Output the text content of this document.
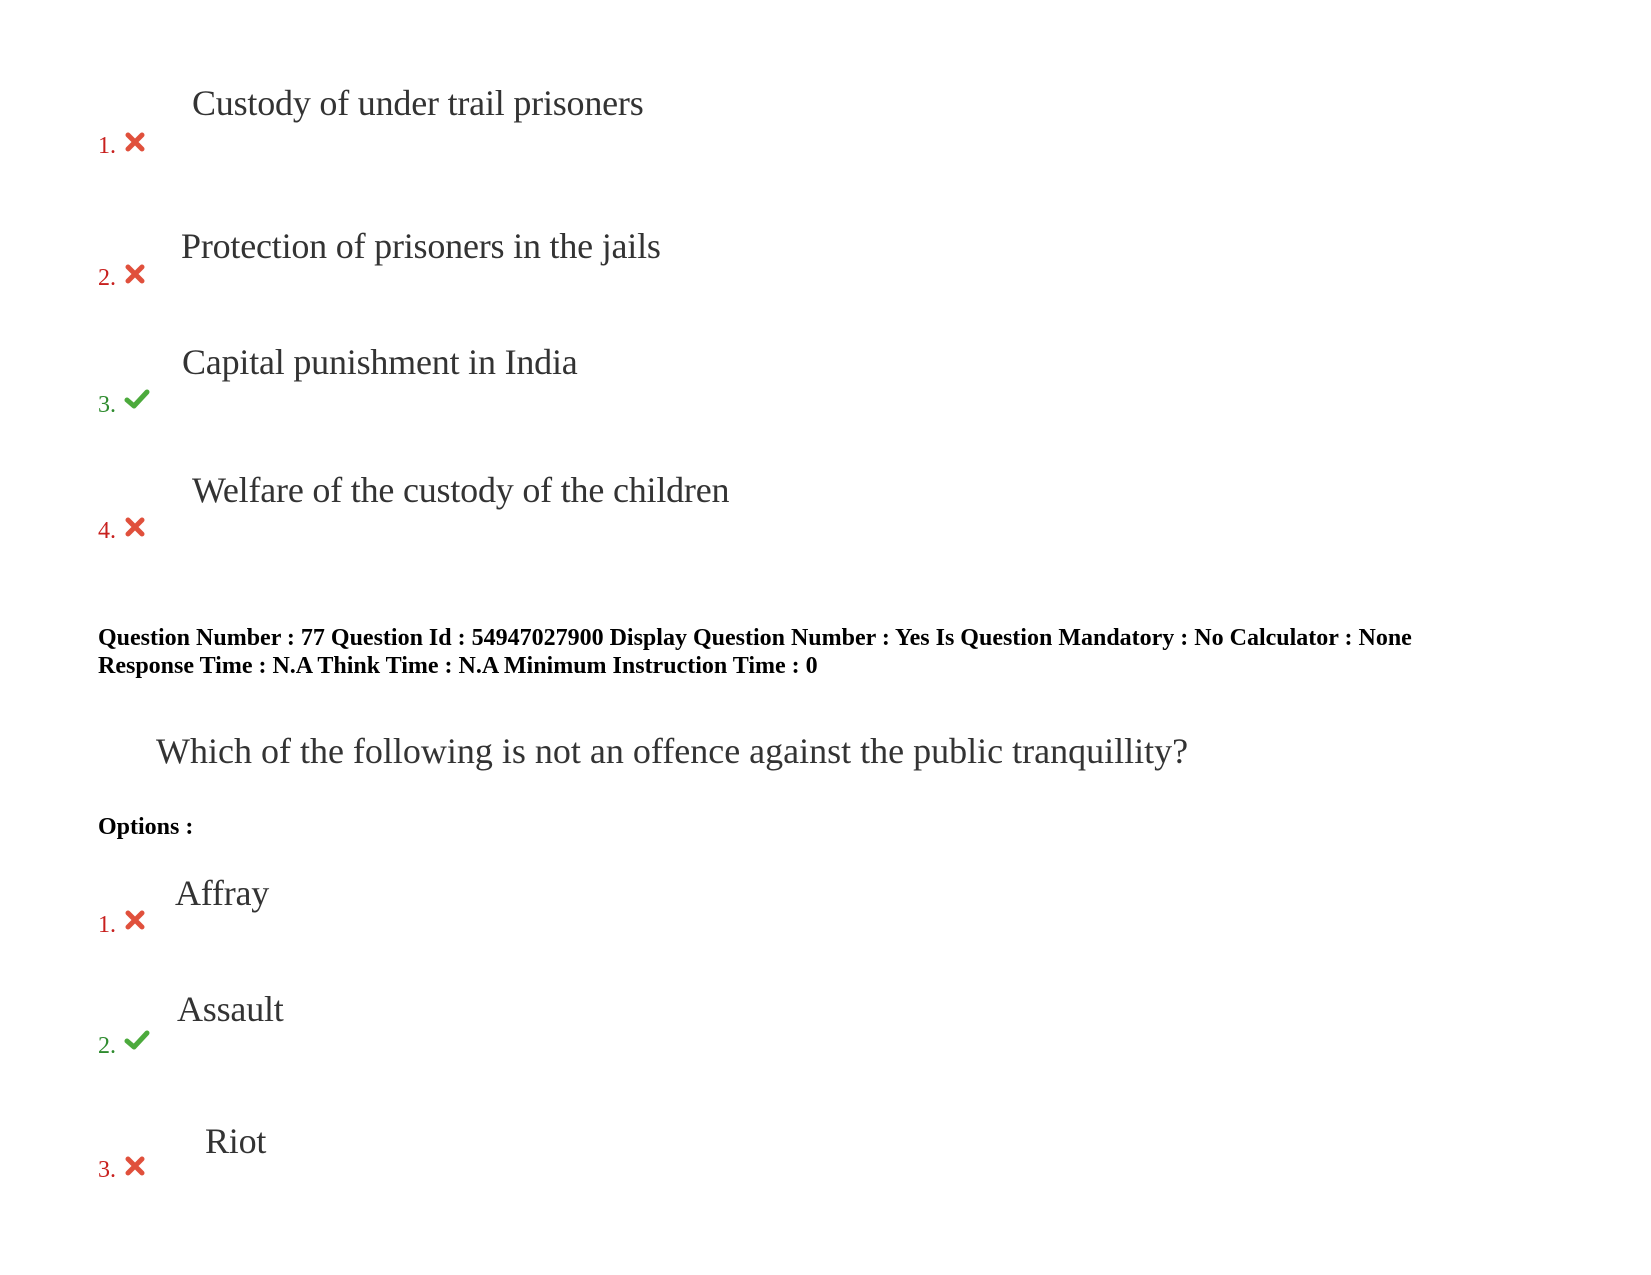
Custody of under trail prisoners
1.
Protection of prisoners in the jails
2.
Capital punishment in India
3.
Welfare of the custody of the children
4.
Question Number : 77 Question Id : 54947027900 Display Question Number : Yes Is Question Mandatory : No Calculator : None
Response Time : N.A Think Time : N.A Minimum Instruction Time : 0
Which of the following is not an offence against the public tranquillity?
Options :
Affray
1.
Assault
2.
Riot
3.
